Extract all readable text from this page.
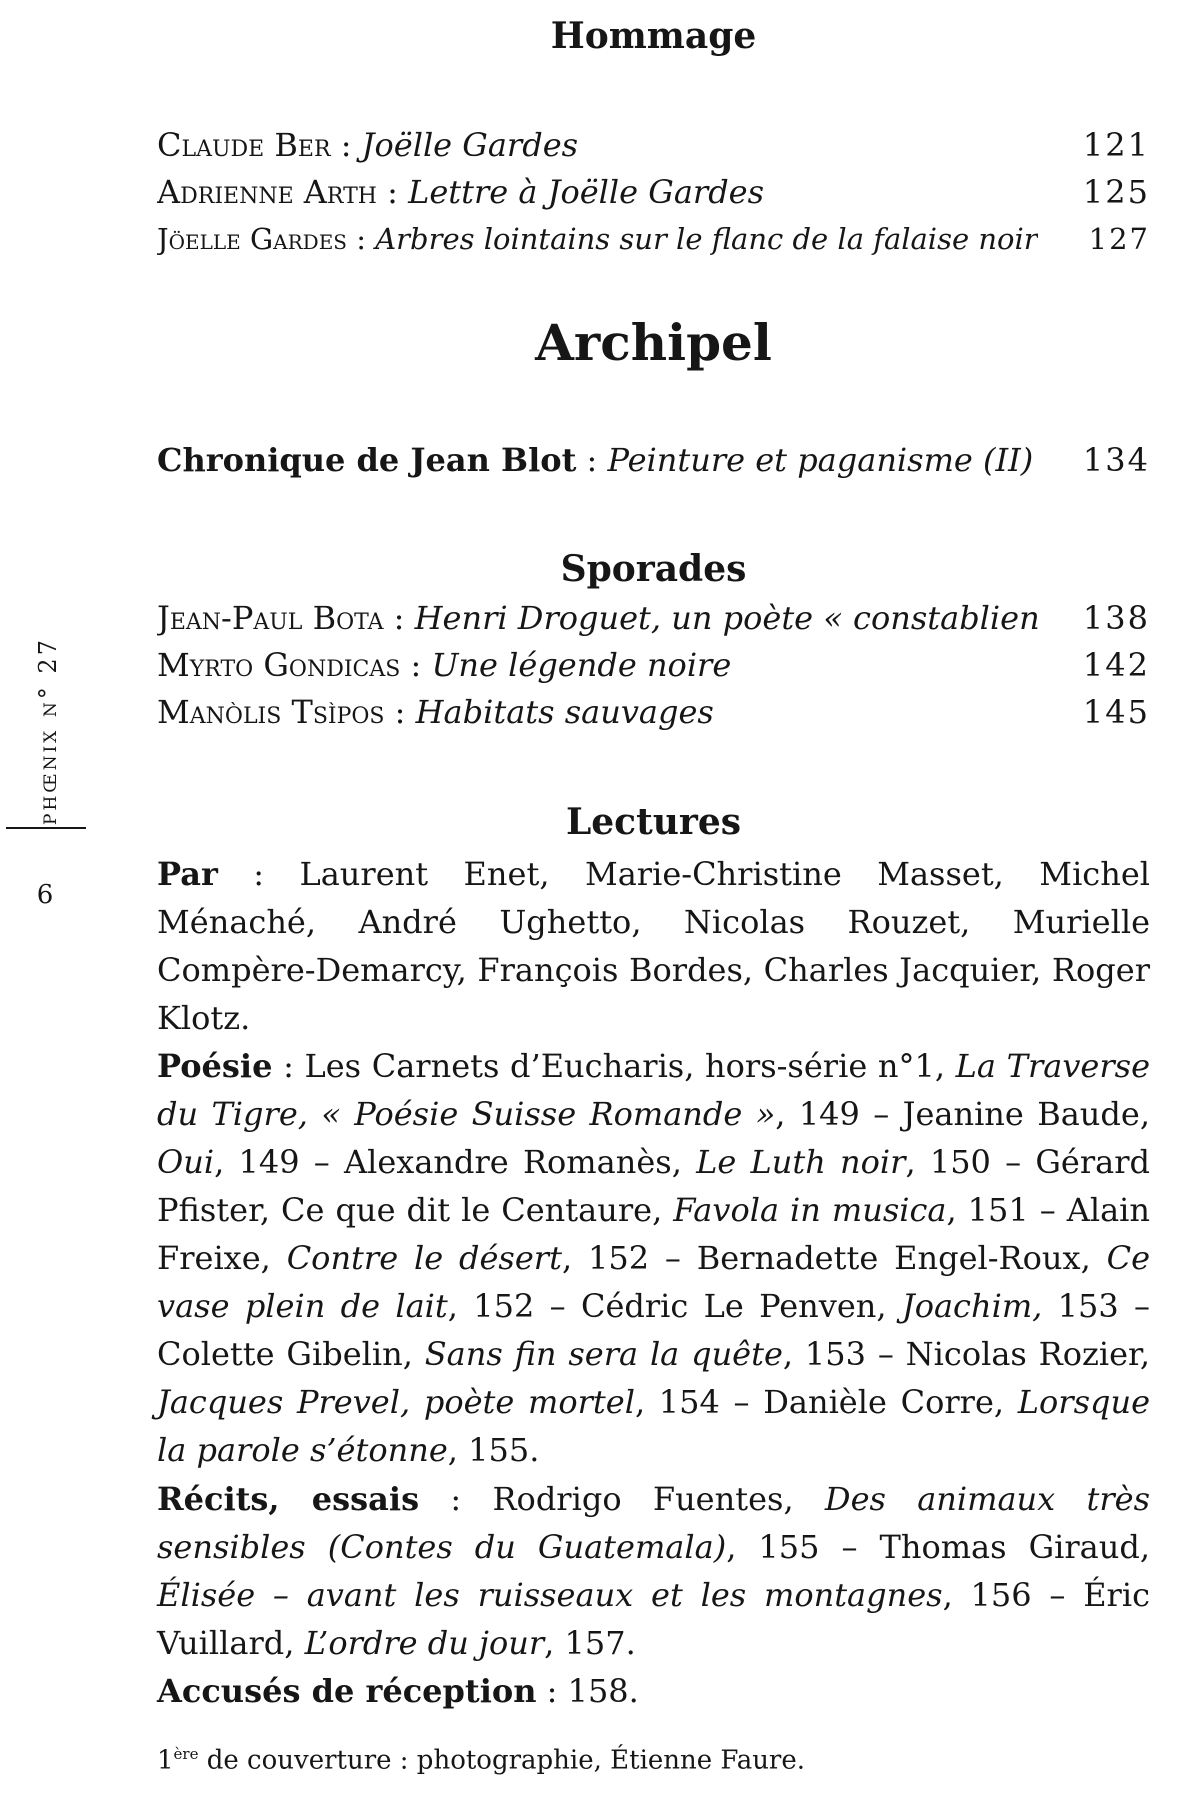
phœnix n° 27
6
Hommage
Claude Ber : Joëlle Gardes	121
Adrienne Arth : Lettre à Joëlle Gardes	125
Jöelle Gardes : Arbres lointains sur le flanc de la falaise noir 127
Archipel
Chronique de Jean Blot : Peinture et paganisme (II) 134
Sporades
Jean-Paul Bota : Henri Droguet, un poète « constablien 138
Myrto Gondicas : Une légende noire	142
Manòlis Tsìpos : Habitats sauvages	145
Lectures

Par : Laurent Enet, Marie-Christine Masset, Michel Ménaché, André Ughetto, Nicolas Rouzet, Murielle Compère-Demarcy, François Bordes, Charles Jacquier, Roger Klotz.

Poésie : Les Carnets d’Eucharis, hors-série n°1, La Traverse du Tigre, « Poésie Suisse Romande », 149 – Jeanine Baude, Oui, 149 – Alexandre Romanès, Le Luth noir, 150 – Gérard Pfister, Ce que dit le Centaure, Favola in musica, 151 – Alain Freixe, Contre le désert, 152 – Bernadette Engel-Roux, Ce vase plein de lait, 152 – Cédric Le Penven, Joachim, 153 – Colette Gibelin, Sans fin sera la quête, 153 – Nicolas Rozier, Jacques Prevel, poète mortel, 154 – Danièle Corre, Lorsque la parole s’étonne, 155.

Récits, essais : Rodrigo Fuentes, Des animaux très sensibles (Contes du Guatemala), 155 – Thomas Giraud, Élisée – avant les ruisseaux et les montagnes, 156 – Éric Vuillard, L’ordre du jour, 157.

Accusés de réception : 158.

1ère de couverture : photographie, Étienne Faure.
